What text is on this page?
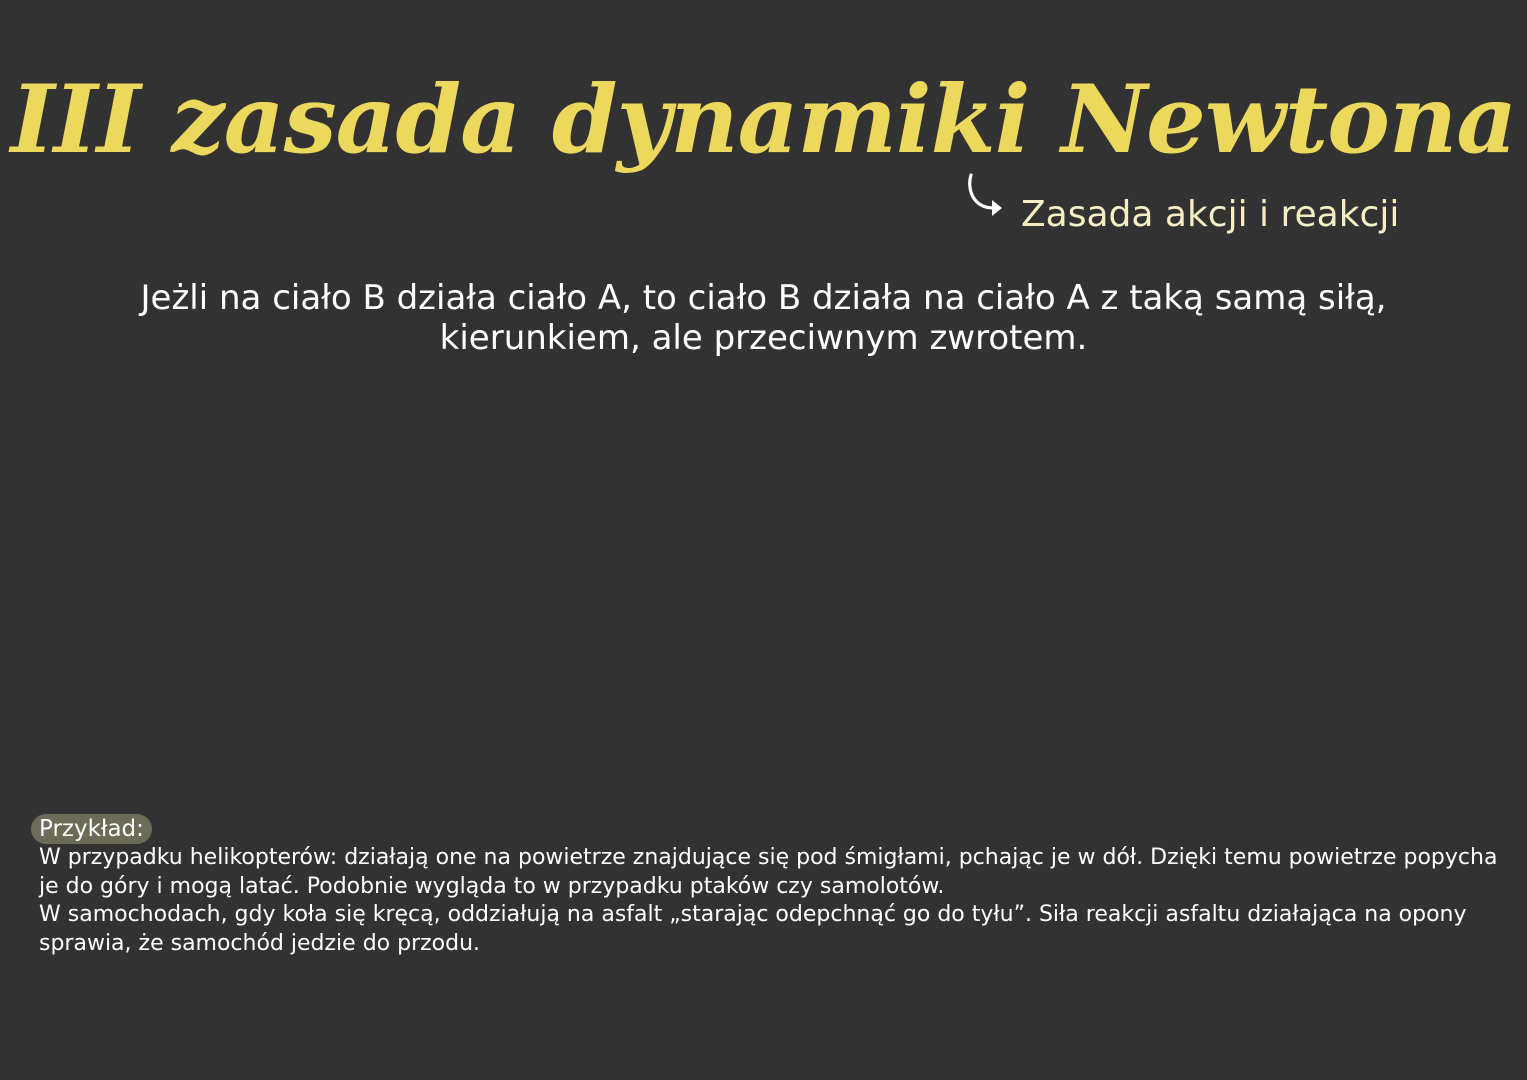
III zasada dynamiki Newtona
Zasada akcji i reakcji

Jeżli na ciało B działa ciało A, to ciało B działa na ciało A z taką samą siłą, kierunkiem, ale przeciwnym zwrotem.

Przykład:

W przypadku helikopterów: działają one na powietrze znajdujące się pod śmigłami, pchając je w dół. Dzięki temu powietrze popycha je do góry i mogą latać. Podobnie wygląda to w przypadku ptaków czy samolotów.

W samochodach, gdy koła się kręcą, oddziałują na asfalt „starając odepchnąć go do tyłu”. Siła reakcji asfaltu działająca na opony sprawia, że samochód jedzie do przodu.
